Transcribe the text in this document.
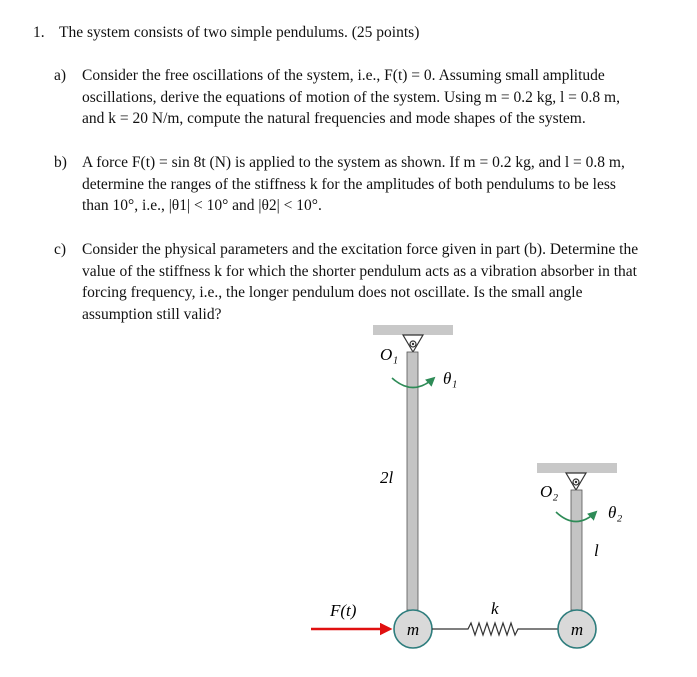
1. The system consists of two simple pendulums. (25 points)
a) Consider the free oscillations of the system, i.e., F(t) = 0. Assuming small amplitude oscillations, derive the equations of motion of the system. Using m = 0.2 kg, l = 0.8 m, and k = 20 N/m, compute the natural frequencies and mode shapes of the system.
b) A force F(t) = sin 8t (N) is applied to the system as shown. If m = 0.2 kg, and l = 0.8 m, determine the ranges of the stiffness k for the amplitudes of both pendulums to be less than 10°, i.e., |θ1| < 10° and |θ2| < 10°.
c) Consider the physical parameters and the excitation force given in part (b). Determine the value of the stiffness k for which the shorter pendulum acts as a vibration absorber in that forcing frequency, i.e., the longer pendulum does not oscillate. Is the small angle assumption still valid?
O₁
θ₁
2l
m
F(t)	k
O₂
θ₂
l
m
